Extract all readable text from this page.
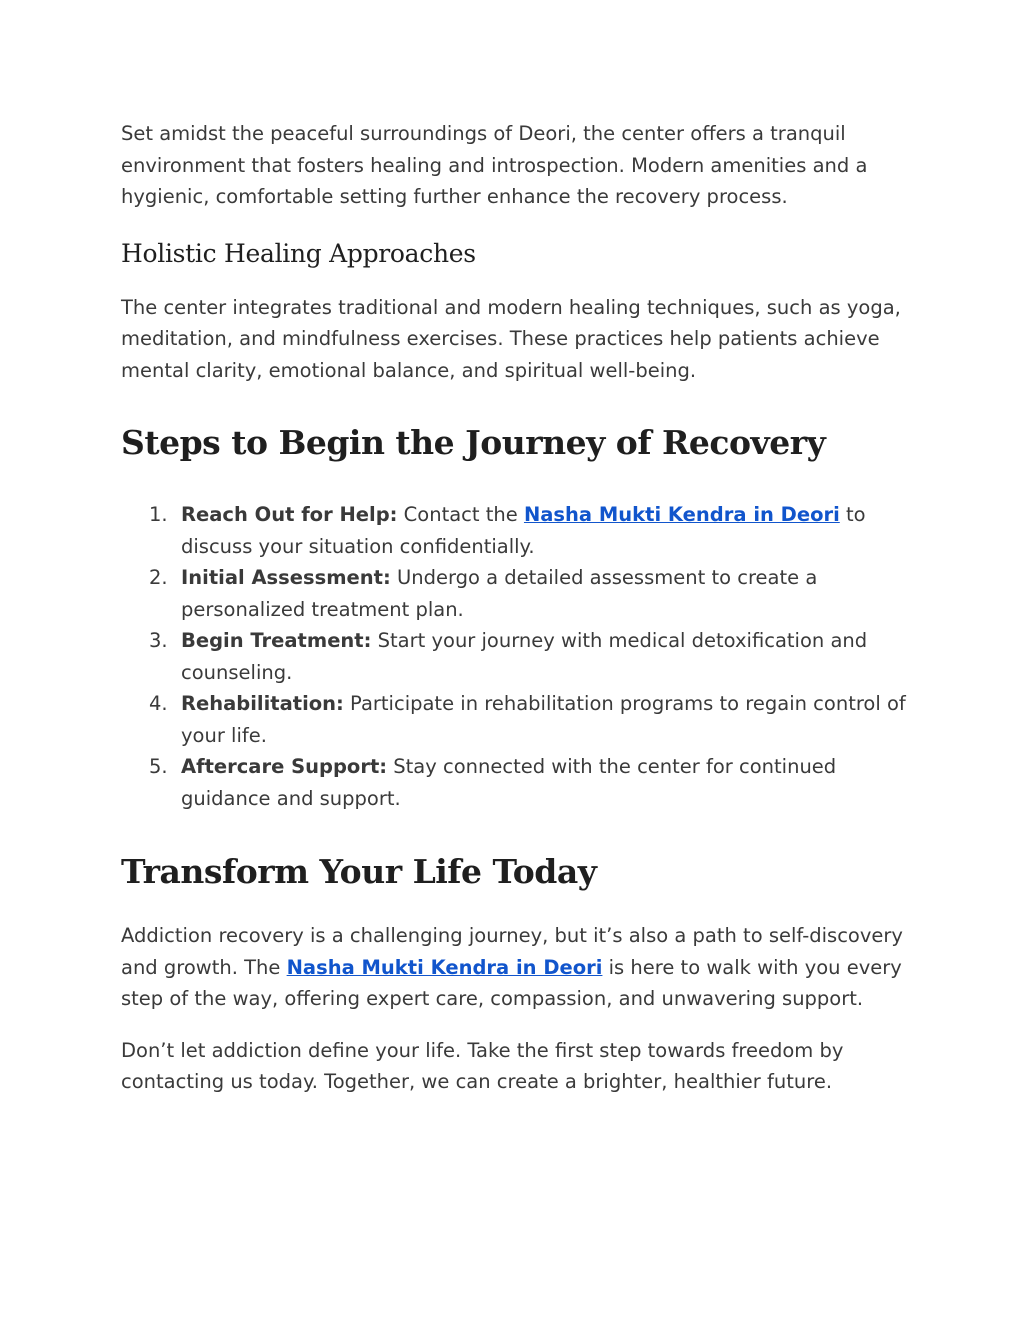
Set amidst the peaceful surroundings of Deori, the center offers a tranquil environment that fosters healing and introspection. Modern amenities and a hygienic, comfortable setting further enhance the recovery process.

Holistic Healing Approaches

The center integrates traditional and modern healing techniques, such as yoga, meditation, and mindfulness exercises. These practices help patients achieve mental clarity, emotional balance, and spiritual well-being.

Steps to Begin the Journey of Recovery
1. Reach Out for Help: Contact the Nasha Mukti Kendra in Deori to discuss your situation confidentially.
2. Initial Assessment: Undergo a detailed assessment to create a personalized treatment plan.
3. Begin Treatment: Start your journey with medical detoxification and counseling.
4. Rehabilitation: Participate in rehabilitation programs to regain control of your life.
5. Aftercare Support: Stay connected with the center for continued guidance and support.
Transform Your Life Today

Addiction recovery is a challenging journey, but it’s also a path to self-discovery and growth. The Nasha Mukti Kendra in Deori is here to walk with you every step of the way, offering expert care, compassion, and unwavering support.

Don’t let addiction define your life. Take the first step towards freedom by contacting us today. Together, we can create a brighter, healthier future.
